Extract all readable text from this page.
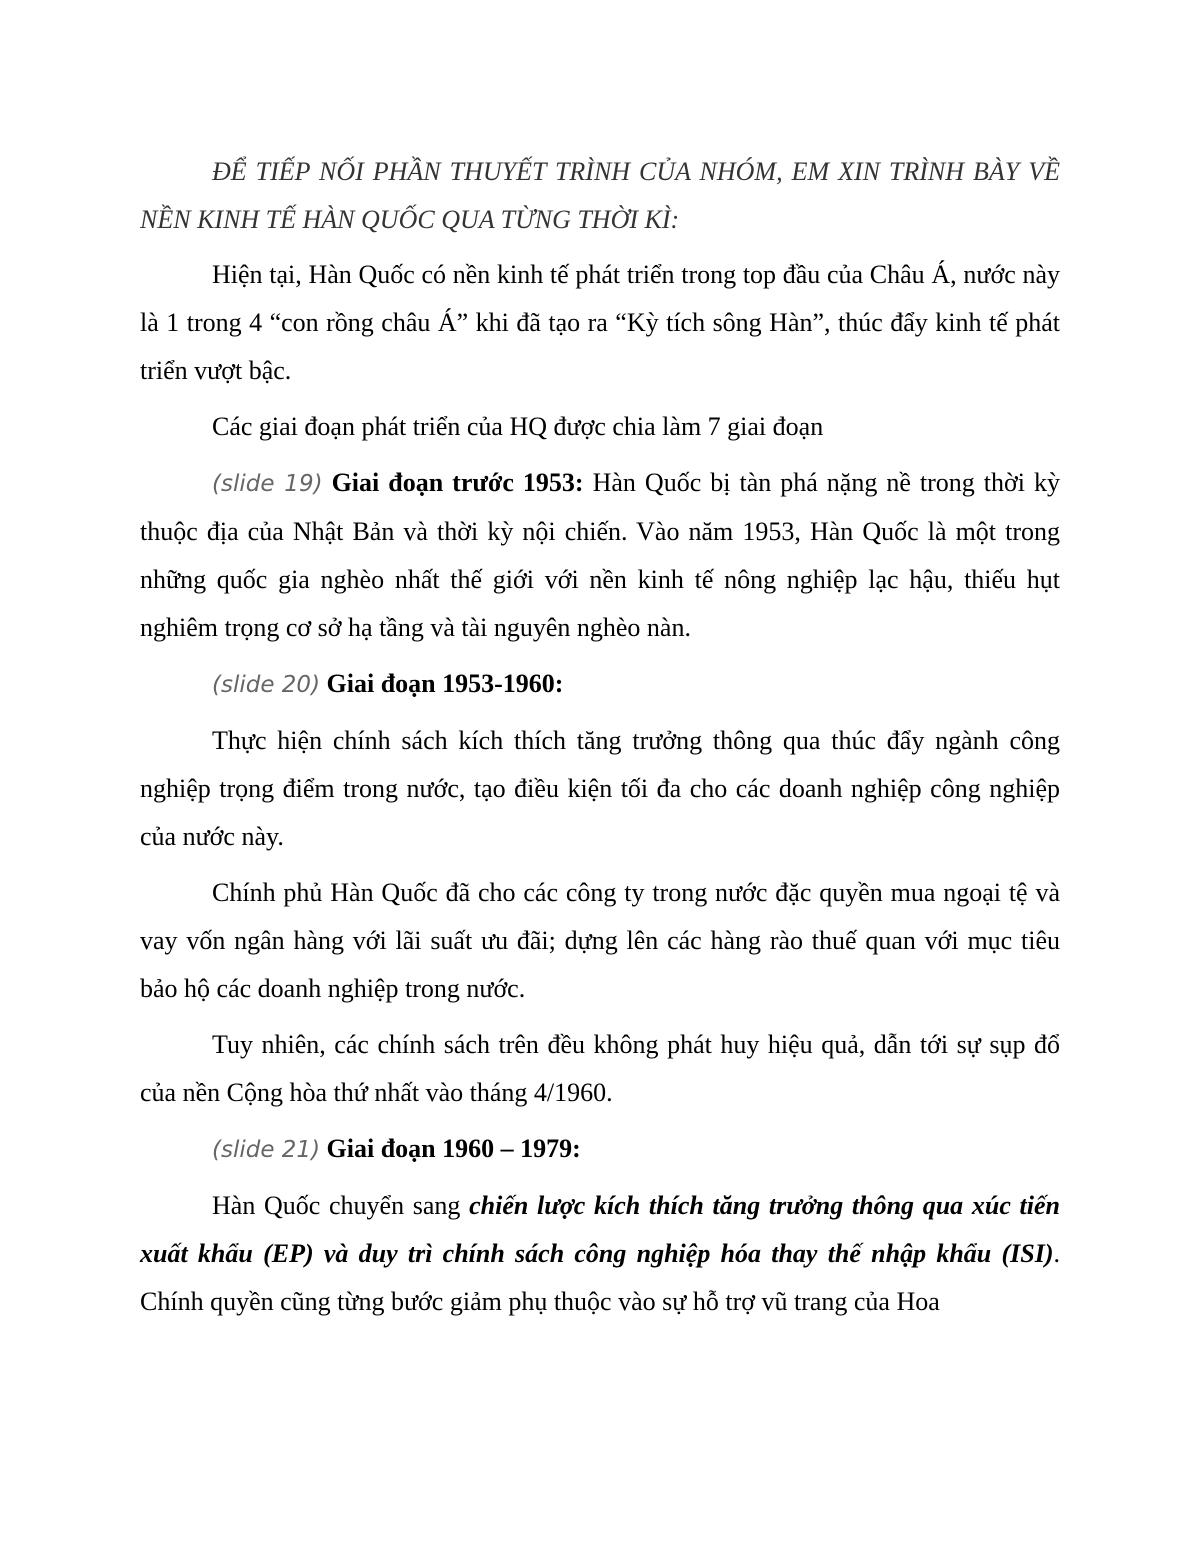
ĐỂ TIẾP NỐI PHẦN THUYẾT TRÌNH CỦA NHÓM, EM XIN TRÌNH BÀY VỀ NỀN KINH TẾ HÀN QUỐC QUA TỪNG THỜI KÌ:

Hiện tại, Hàn Quốc có nền kinh tế phát triển trong top đầu của Châu Á, nước này là 1 trong 4 “con rồng châu Á” khi đã tạo ra “Kỳ tích sông Hàn”, thúc đẩy kinh tế phát triển vượt bậc.

Các giai đoạn phát triển của HQ được chia làm 7 giai đoạn

(slide 19) Giai đoạn trước 1953: Hàn Quốc bị tàn phá nặng nề trong thời kỳ thuộc địa của Nhật Bản và thời kỳ nội chiến. Vào năm 1953, Hàn Quốc là một trong những quốc gia nghèo nhất thế giới với nền kinh tế nông nghiệp lạc hậu, thiếu hụt nghiêm trọng cơ sở hạ tầng và tài nguyên nghèo nàn.

(slide 20) Giai đoạn 1953-1960:

Thực hiện chính sách kích thích tăng trưởng thông qua thúc đẩy ngành công nghiệp trọng điểm trong nước, tạo điều kiện tối đa cho các doanh nghiệp công nghiệp của nước này.

Chính phủ Hàn Quốc đã cho các công ty trong nước đặc quyền mua ngoại tệ và vay vốn ngân hàng với lãi suất ưu đãi; dựng lên các hàng rào thuế quan với mục tiêu bảo hộ các doanh nghiệp trong nước.

Tuy nhiên, các chính sách trên đều không phát huy hiệu quả, dẫn tới sự sụp đổ của nền Cộng hòa thứ nhất vào tháng 4/1960.

(slide 21) Giai đoạn 1960 – 1979:

Hàn Quốc chuyển sang chiến lược kích thích tăng trưởng thông qua xúc tiến xuất khẩu (EP) và duy trì chính sách công nghiệp hóa thay thế nhập khẩu (ISI). Chính quyền cũng từng bước giảm phụ thuộc vào sự hỗ trợ vũ trang của Hoa
